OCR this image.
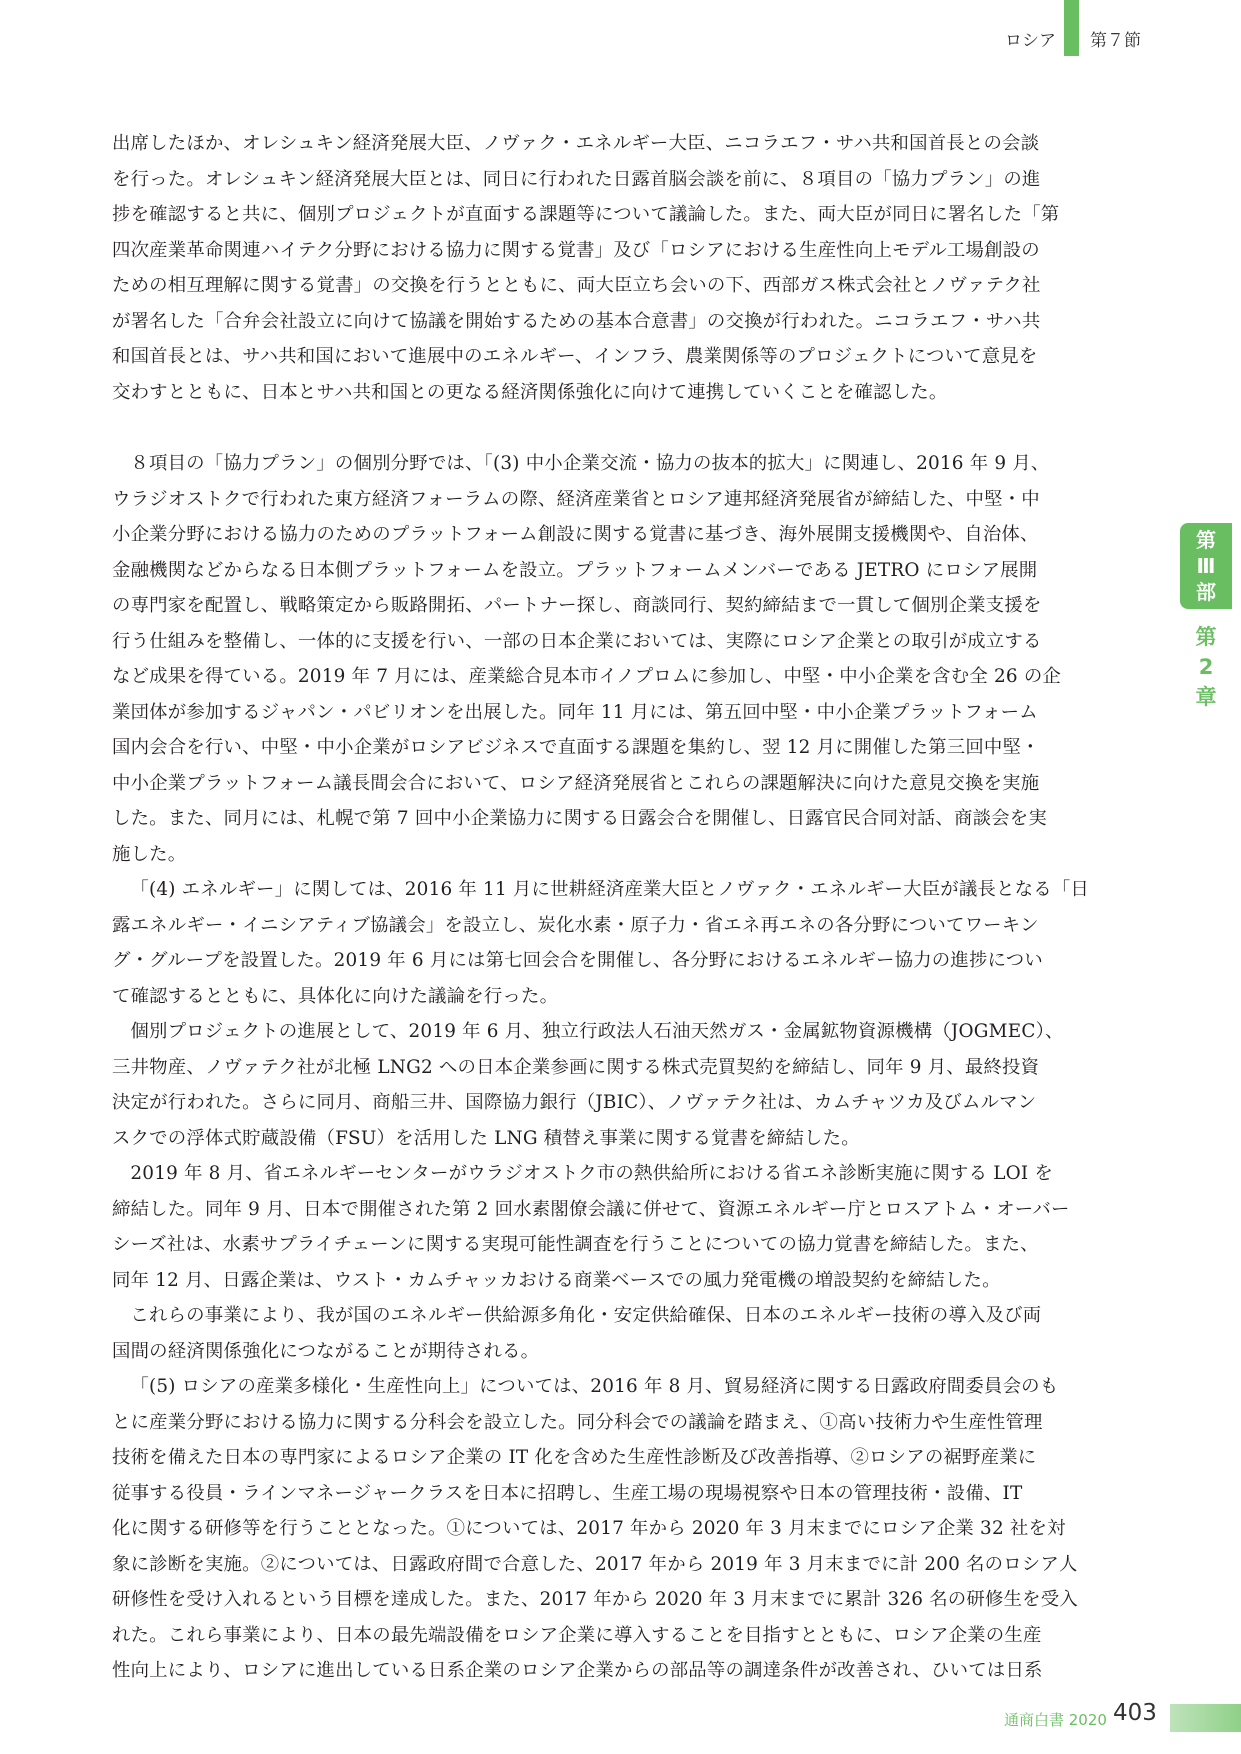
ロシア 第７節
出席したほか、オレシュキン経済発展大臣、ノヴァク・エネルギー大臣、ニコラエフ・サハ共和国首長との会談
を行った。オレシュキン経済発展大臣とは、同日に行われた日露首脳会談を前に、８項目の「協力プラン」の進
捗を確認すると共に、個別プロジェクトが直面する課題等について議論した。また、両大臣が同日に署名した「第
四次産業革命関連ハイテク分野における協力に関する覚書」及び「ロシアにおける生産性向上モデル工場創設の
ための相互理解に関する覚書」の交換を行うとともに、両大臣立ち会いの下、西部ガス株式会社とノヴァテク社
が署名した「合弁会社設立に向けて協議を開始するための基本合意書」の交換が行われた。ニコラエフ・サハ共
和国首長とは、サハ共和国において進展中のエネルギー、インフラ、農業関係等のプロジェクトについて意見を
交わすとともに、日本とサハ共和国との更なる経済関係強化に向けて連携していくことを確認した。
８項目の「協力プラン」の個別分野では、「(3) 中小企業交流・協力の抜本的拡大」に関連し、2016 年 9 月、
ウラジオストクで行われた東方経済フォーラムの際、経済産業省とロシア連邦経済発展省が締結した、中堅・中
小企業分野における協力のためのプラットフォーム創設に関する覚書に基づき、海外展開支援機関や、自治体、
金融機関などからなる日本側プラットフォームを設立。プラットフォームメンバーである JETRO にロシア展開
の専門家を配置し、戦略策定から販路開拓、パートナー探し、商談同行、契約締結まで一貫して個別企業支援を
行う仕組みを整備し、一体的に支援を行い、一部の日本企業においては、実際にロシア企業との取引が成立する
など成果を得ている。2019 年 7 月には、産業総合見本市イノプロムに参加し、中堅・中小企業を含む全 26 の企
業団体が参加するジャパン・パビリオンを出展した。同年 11 月には、第五回中堅・中小企業プラットフォーム
国内会合を行い、中堅・中小企業がロシアビジネスで直面する課題を集約し、翌 12 月に開催した第三回中堅・
中小企業プラットフォーム議長間会合において、ロシア経済発展省とこれらの課題解決に向けた意見交換を実施
した。また、同月には、札幌で第 7 回中小企業協力に関する日露会合を開催し、日露官民合同対話、商談会を実
施した。
「(4) エネルギー」に関しては、2016 年 11 月に世耕経済産業大臣とノヴァク・エネルギー大臣が議長となる「日
露エネルギー・イニシアティブ協議会」を設立し、炭化水素・原子力・省エネ再エネの各分野についてワーキン
グ・グループを設置した。2019 年 6 月には第七回会合を開催し、各分野におけるエネルギー協力の進捗につい
て確認するとともに、具体化に向けた議論を行った。
個別プロジェクトの進展として、2019 年 6 月、独立行政法人石油天然ガス・金属鉱物資源機構（JOGMEC）、
三井物産、ノヴァテク社が北極 LNG2 への日本企業参画に関する株式売買契約を締結し、同年 9 月、最終投資
決定が行われた。さらに同月、商船三井、国際協力銀行（JBIC）、ノヴァテク社は、カムチャツカ及びムルマン
スクでの浮体式貯蔵設備（FSU）を活用した LNG 積替え事業に関する覚書を締結した。
2019 年 8 月、省エネルギーセンターがウラジオストク市の熱供給所における省エネ診断実施に関する LOI を
締結した。同年 9 月、日本で開催された第 2 回水素閣僚会議に併せて、資源エネルギー庁とロスアトム・オーバー
シーズ社は、水素サプライチェーンに関する実現可能性調査を行うことについての協力覚書を締結した。また、
同年 12 月、日露企業は、ウスト・カムチャッカおける商業ベースでの風力発電機の増設契約を締結した。
これらの事業により、我が国のエネルギー供給源多角化・安定供給確保、日本のエネルギー技術の導入及び両
国間の経済関係強化につながることが期待される。
「(5) ロシアの産業多様化・生産性向上」については、2016 年 8 月、貿易経済に関する日露政府間委員会のも
とに産業分野における協力に関する分科会を設立した。同分科会での議論を踏まえ、①高い技術力や生産性管理
技術を備えた日本の専門家によるロシア企業の IT 化を含めた生産性診断及び改善指導、②ロシアの裾野産業に
従事する役員・ラインマネージャークラスを日本に招聘し、生産工場の現場視察や日本の管理技術・設備、IT
化に関する研修等を行うこととなった。①については、2017 年から 2020 年 3 月末までにロシア企業 32 社を対
象に診断を実施。②については、日露政府間で合意した、2017 年から 2019 年 3 月末までに計 200 名のロシア人
研修性を受け入れるという目標を達成した。また、2017 年から 2020 年 3 月末までに累計 326 名の研修生を受入
れた。これら事業により、日本の最先端設備をロシア企業に導入することを目指すとともに、ロシア企業の生産
性向上により、ロシアに進出している日系企業のロシア企業からの部品等の調達条件が改善され、ひいては日系
第
Ⅲ
部
第
2
章
通商白書 2020 403
